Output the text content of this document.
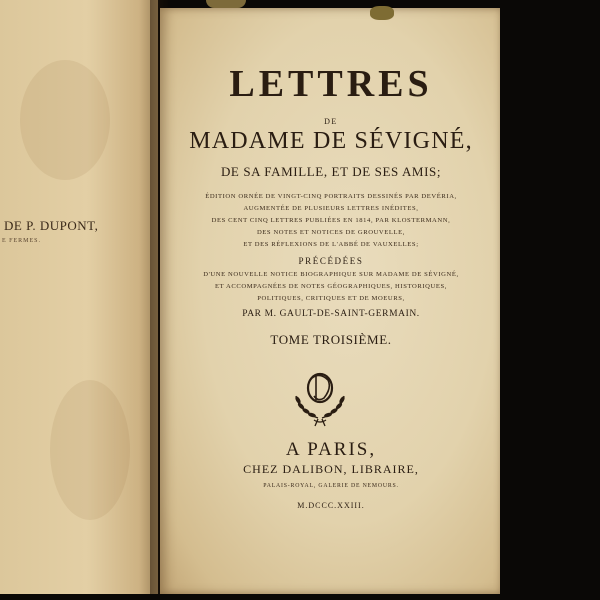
DE P. DUPONT,
E FERMES.
LETTRES
DE
MADAME DE SÉVIGNÉ,
DE SA FAMILLE, ET DE SES AMIS;
ÉDITION ORNÉE DE VINGT-CINQ PORTRAITS DESSINÉS PAR DEVÉRIA,
AUGMENTÉE DE PLUSIEURS LETTRES INÉDITES,
DES CENT CINQ LETTRES PUBLIÉES EN 1814, PAR KLOSTERMANN,
DES NOTES ET NOTICES DE GROUVELLE,
ET DES RÉFLEXIONS DE L'ABBÉ DE VAUXELLES;
PRÉCÉDÉES
D'UNE NOUVELLE NOTICE BIOGRAPHIQUE SUR MADAME DE SÉVIGNÉ,
ET ACCOMPAGNÉES DE NOTES GÉOGRAPHIQUES, HISTORIQUES,
POLITIQUES, CRITIQUES ET DE MOEURS,
PAR M. GAULT-DE-SAINT-GERMAIN.
TOME TROISIÈME.
A PARIS,
CHEZ DALIBON, LIBRAIRE,
PALAIS-ROYAL, GALERIE DE NEMOURS.
M.DCCC.XXIII.
